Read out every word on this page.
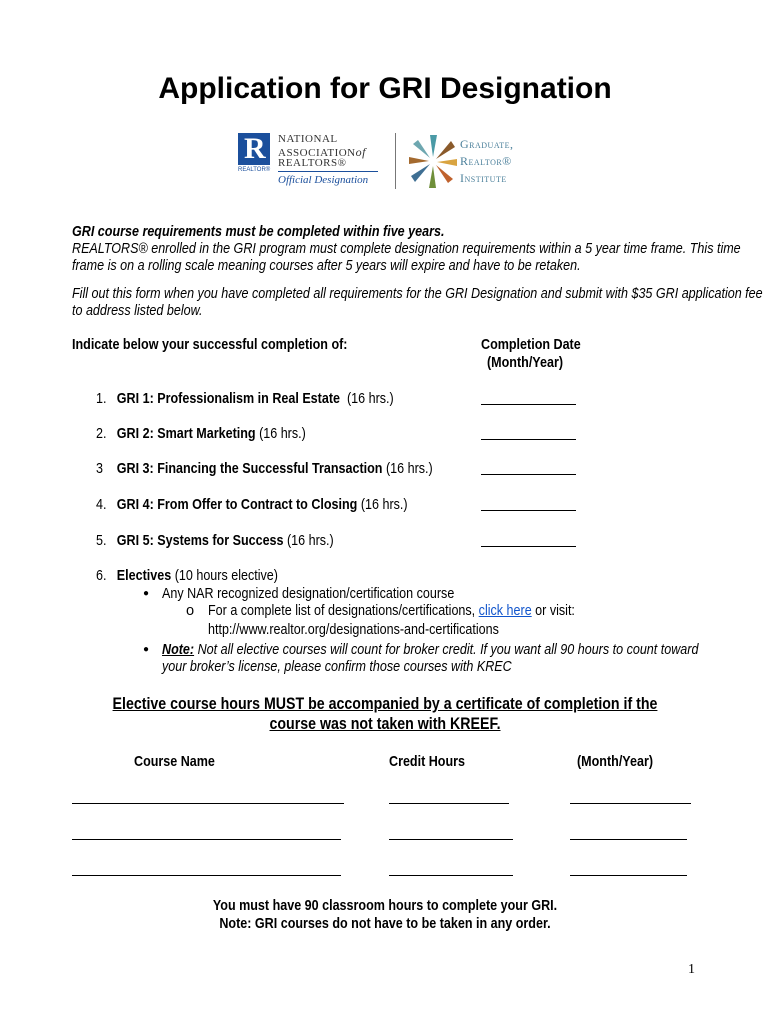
Application for GRI Designation
R
REALTOR®
NATIONAL
ASSOCIATIONof
REALTORS®
Official Designation
Graduate,
Realtor®
Institute
GRI course requirements must be completed within five years.
REALTORS® enrolled in the GRI program must complete designation requirements within a 5 year time frame. This time
frame is on a rolling scale meaning courses after 5 years will expire and have to be retaken.
Fill out this form when you have completed all requirements for the GRI Designation and submit with $35 GRI application fee
to address listed below.
Indicate below your successful completion of:	Completion Date
(Month/Year)
1. GRI 1: Professionalism in Real Estate (16 hrs.)
2. GRI 2: Smart Marketing (16 hrs.)
3 GRI 3: Financing the Successful Transaction (16 hrs.)
4. GRI 4: From Offer to Contract to Closing (16 hrs.)
5. GRI 5: Systems for Success (16 hrs.)
6. Electives (10 hours elective)
● Any NAR recognized designation/certification course
o For a complete list of designations/certifications, click here or visit:
http://www.realtor.org/designations-and-certifications
● Note: Not all elective courses will count for broker credit. If you want all 90 hours to count toward
your broker’s license, please confirm those courses with KREC
Elective course hours MUST be accompanied by a certificate of completion if the
course was not taken with KREEF.
Course Name	Credit Hours	(Month/Year)
You must have 90 classroom hours to complete your GRI.
Note: GRI courses do not have to be taken in any order.
1
